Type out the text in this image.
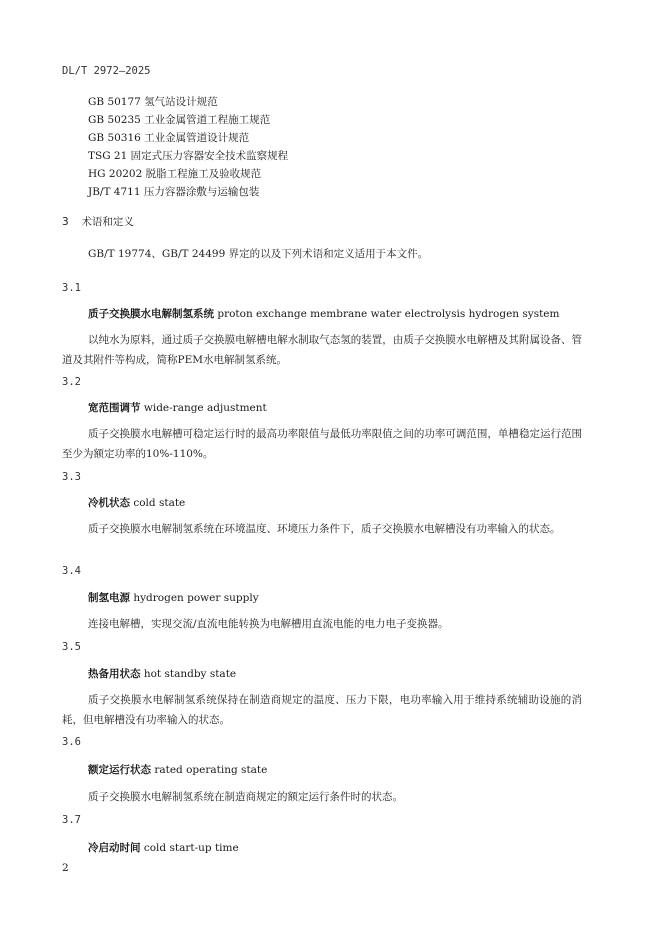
DL/T 2972—2025
GB 50177 氢气站设计规范
GB 50235 工业金属管道工程施工规范
GB 50316 工业金属管道设计规范
TSG 21 固定式压力容器安全技术监察规程
HG 20202 脱脂工程施工及验收规范
JB/T 4711 压力容器涂敷与运输包装
3 术语和定义
GB/T 19774、GB/T 24499 界定的以及下列术语和定义适用于本文件。
3.1
质子交换膜水电解制氢系统 proton exchange membrane water electrolysis hydrogen system
以纯水为原料，通过质子交换膜电解槽电解水制取气态氢的装置，由质子交换膜水电解槽及其附属设备、管道及其附件等构成，简称PEM水电解制氢系统。
3.2
宽范围调节 wide-range adjustment
质子交换膜水电解槽可稳定运行时的最高功率限值与最低功率限值之间的功率可调范围，单槽稳定运行范围至少为额定功率的10%-110%。
3.3
冷机状态 cold state
质子交换膜水电解制氢系统在环境温度、环境压力条件下，质子交换膜水电解槽没有功率输入的状态。
3.4
制氢电源 hydrogen power supply
连接电解槽，实现交流/直流电能转换为电解槽用直流电能的电力电子变换器。
3.5
热备用状态 hot standby state
质子交换膜水电解制氢系统保持在制造商规定的温度、压力下限，电功率输入用于维持系统辅助设施的消耗，但电解槽没有功率输入的状态。
3.6
额定运行状态 rated operating state
质子交换膜水电解制氢系统在制造商规定的额定运行条件时的状态。
3.7
冷启动时间 cold start-up time
2
